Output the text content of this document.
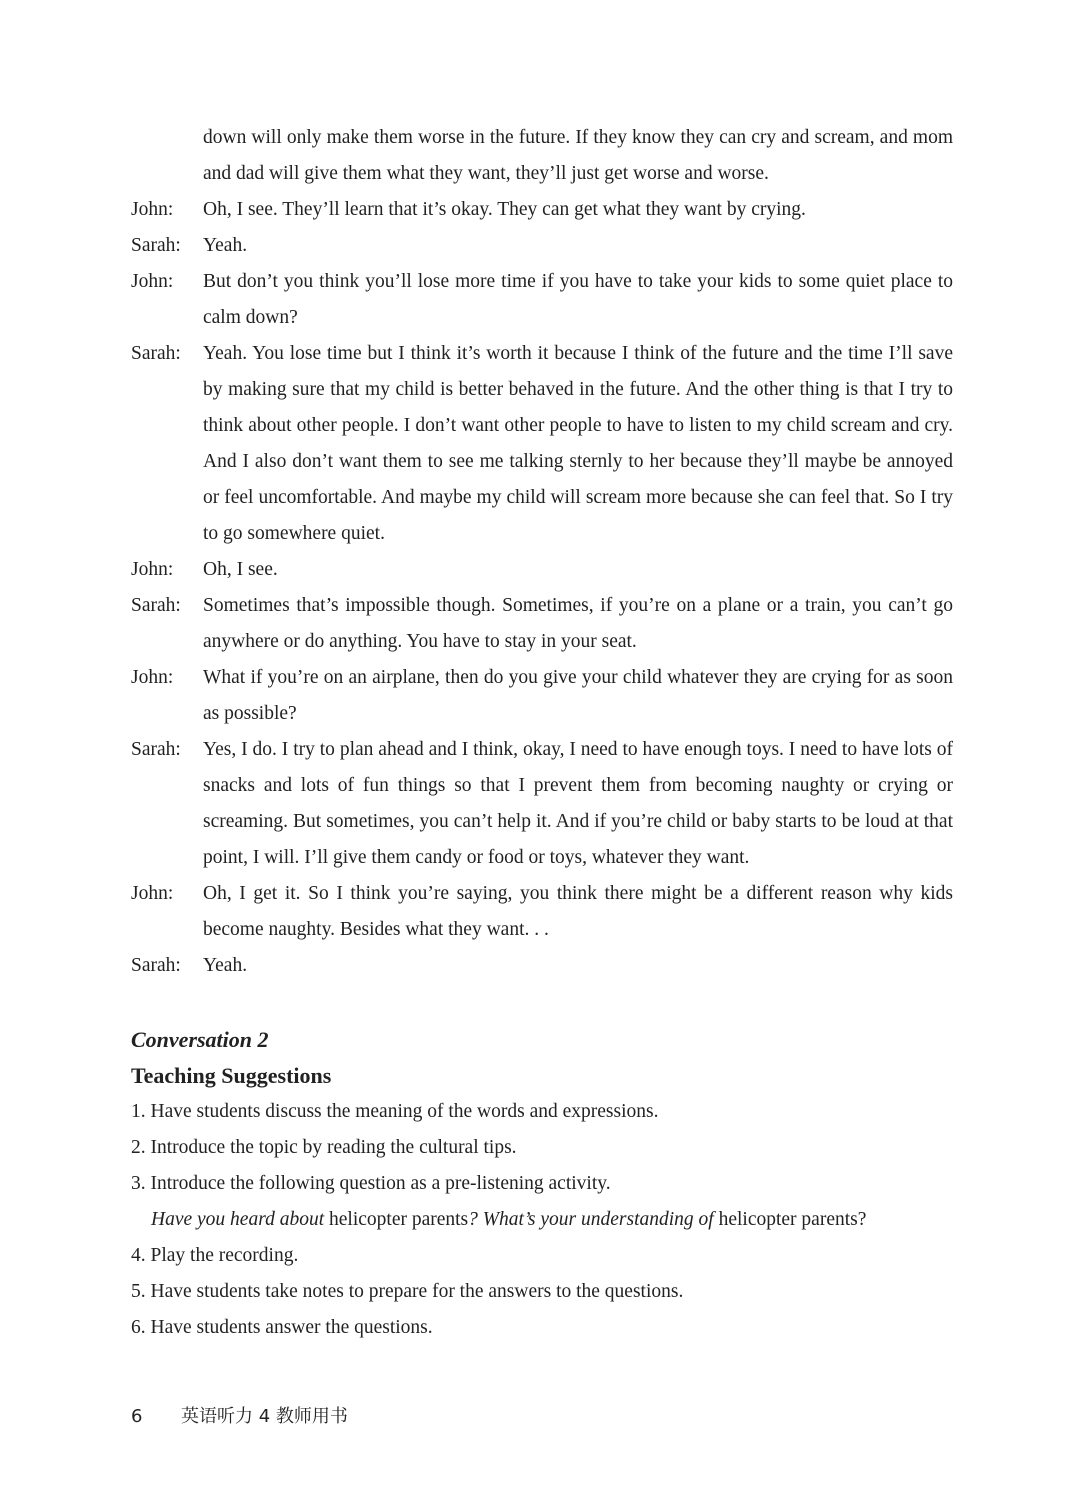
down will only make them worse in the future. If they know they can cry and scream, and mom and dad will give them what they want, they’ll just get worse and worse.
John:	Oh, I see. They’ll learn that it’s okay. They can get what they want by crying.
Sarah:	Yeah.
John:	But don’t you think you’ll lose more time if you have to take your kids to some quiet place to calm down?
Sarah:	Yeah. You lose time but I think it’s worth it because I think of the future and the time I’ll save by making sure that my child is better behaved in the future. And the other thing is that I try to think about other people. I don’t want other people to have to listen to my child scream and cry. And I also don’t want them to see me talking sternly to her because they’ll maybe be annoyed or feel uncomfortable. And maybe my child will scream more because she can feel that. So I try to go somewhere quiet.
John:	Oh, I see.
Sarah:	Sometimes that’s impossible though. Sometimes, if you’re on a plane or a train, you can’t go anywhere or do anything. You have to stay in your seat.
John:	What if you’re on an airplane, then do you give your child whatever they are crying for as soon as possible?
Sarah:	Yes, I do. I try to plan ahead and I think, okay, I need to have enough toys. I need to have lots of snacks and lots of fun things so that I prevent them from becoming naughty or crying or screaming. But sometimes, you can’t help it. And if you’re child or baby starts to be loud at that point, I will. I’ll give them candy or food or toys, whatever they want.
John:	Oh, I get it. So I think you’re saying, you think there might be a different reason why kids become naughty. Besides what they want. . .
Sarah:	Yeah.
Conversation 2
Teaching Suggestions
1. Have students discuss the meaning of the words and expressions.
2. Introduce the topic by reading the cultural tips.
3. Introduce the following question as a pre-listening activity.
Have you heard about helicopter parents? What’s your understanding of helicopter parents?
4. Play the recording.
5. Have students take notes to prepare for the answers to the questions.
6. Have students answer the questions.
6	英语听力 4 教师用书
